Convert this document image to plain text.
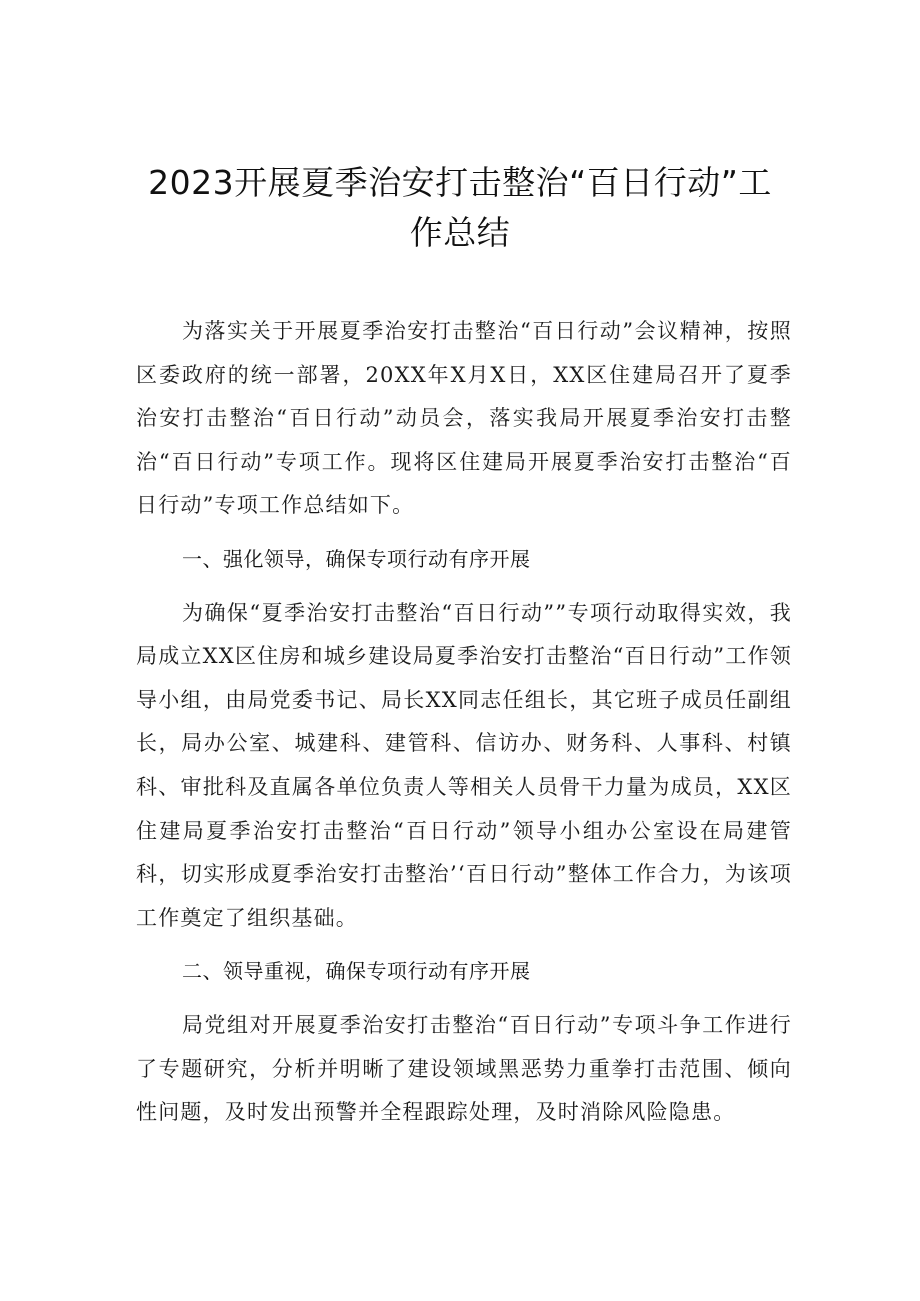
2023开展夏季治安打击整治“百日行动”工
作总结

为落实关于开展夏季治安打击整治“百日行动”会议精神，按照区委政府的统一部署，20XX年X月X日，XX区住建局召开了夏季治安打击整治“百日行动”动员会，落实我局开展夏季治安打击整治“百日行动”专项工作。现将区住建局开展夏季治安打击整治“百日行动”专项工作总结如下。

一、强化领导，确保专项行动有序开展

为确保“夏季治安打击整治“百日行动””专项行动取得实效，我局成立XX区住房和城乡建设局夏季治安打击整治“百日行动”工作领导小组，由局党委书记、局长XX同志任组长，其它班子成员任副组长，局办公室、城建科、建管科、信访办、财务科、人事科、村镇科、审批科及直属各单位负责人等相关人员骨干力量为成员，XX区住建局夏季治安打击整治“百日行动”领导小组办公室设在局建管科，切实形成夏季治安打击整治’‘百日行动”整体工作合力，为该项工作奠定了组织基础。

二、领导重视，确保专项行动有序开展

局党组对开展夏季治安打击整治“百日行动”专项斗争工作进行了专题研究，分析并明晰了建设领域黑恶势力重拳打击范围、倾向性问题，及时发出预警并全程跟踪处理，及时消除风险隐患。
